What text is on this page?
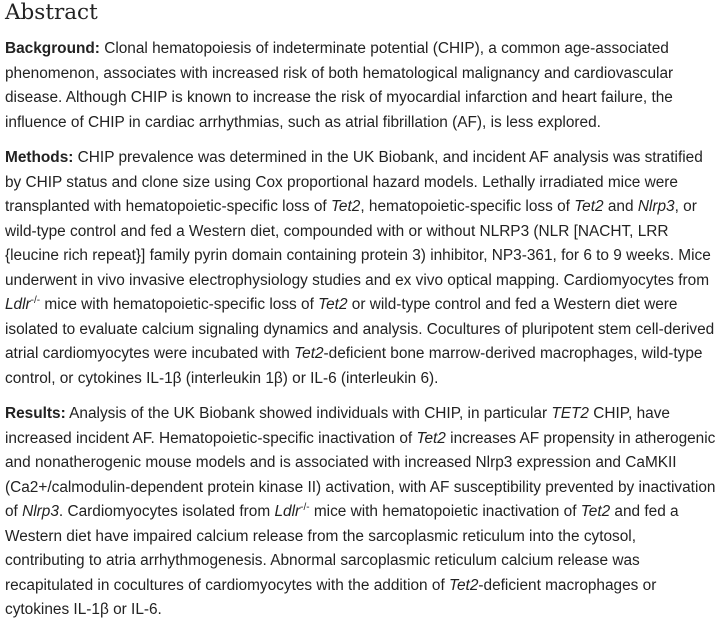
Abstract

Background: Clonal hematopoiesis of indeterminate potential (CHIP), a common age-associated phenomenon, associates with increased risk of both hematological malignancy and cardiovascular disease. Although CHIP is known to increase the risk of myocardial infarction and heart failure, the influence of CHIP in cardiac arrhythmias, such as atrial fibrillation (AF), is less explored.

Methods: CHIP prevalence was determined in the UK Biobank, and incident AF analysis was stratified by CHIP status and clone size using Cox proportional hazard models. Lethally irradiated mice were transplanted with hematopoietic-specific loss of Tet2, hematopoietic-specific loss of Tet2 and Nlrp3, or wild-type control and fed a Western diet, compounded with or without NLRP3 (NLR [NACHT, LRR {leucine rich repeat}] family pyrin domain containing protein 3) inhibitor, NP3-361, for 6 to 9 weeks. Mice underwent in vivo invasive electrophysiology studies and ex vivo optical mapping. Cardiomyocytes from Ldlr-/- mice with hematopoietic-specific loss of Tet2 or wild-type control and fed a Western diet were isolated to evaluate calcium signaling dynamics and analysis. Cocultures of pluripotent stem cell-derived atrial cardiomyocytes were incubated with Tet2-deficient bone marrow-derived macrophages, wild-type control, or cytokines IL-1β (interleukin 1β) or IL-6 (interleukin 6).

Results: Analysis of the UK Biobank showed individuals with CHIP, in particular TET2 CHIP, have increased incident AF. Hematopoietic-specific inactivation of Tet2 increases AF propensity in atherogenic and nonatherogenic mouse models and is associated with increased Nlrp3 expression and CaMKII (Ca2+/calmodulin-dependent protein kinase II) activation, with AF susceptibility prevented by inactivation of Nlrp3. Cardiomyocytes isolated from Ldlr-/- mice with hematopoietic inactivation of Tet2 and fed a Western diet have impaired calcium release from the sarcoplasmic reticulum into the cytosol, contributing to atria arrhythmogenesis. Abnormal sarcoplasmic reticulum calcium release was recapitulated in cocultures of cardiomyocytes with the addition of Tet2-deficient macrophages or cytokines IL-1β or IL-6.
